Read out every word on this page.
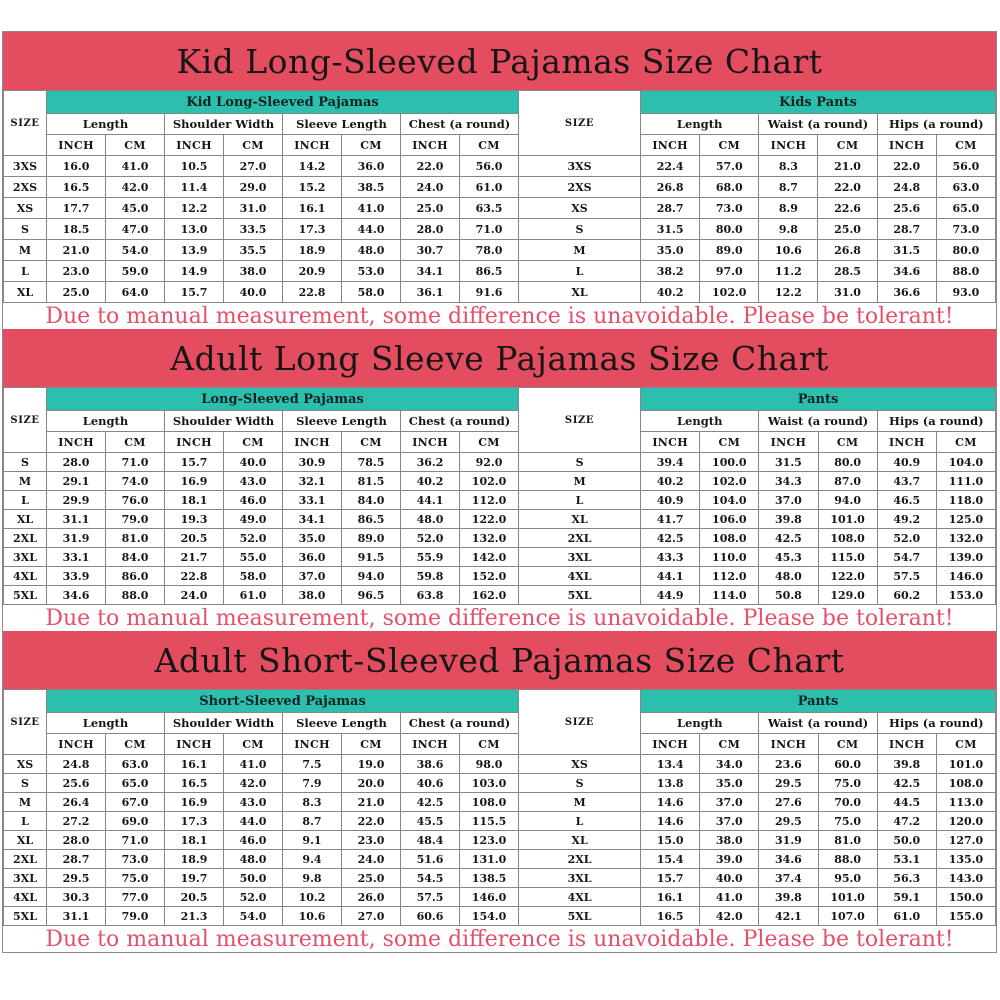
Kid Long-Sleeved Pajamas Size Chart
SIZE	Kid Long-Sleeved Pajamas								SIZE	Kids Pants					
	Length		Shoulder Width		Sleeve Length		Chest (a round)			Length		Waist (a round)		Hips (a round)	
	INCH	CM	INCH	CM	INCH	CM	INCH	CM		INCH	CM	INCH	CM	INCH	CM
3XS	16.0	41.0	10.5	27.0	14.2	36.0	22.0	56.0	3XS	22.4	57.0	8.3	21.0	22.0	56.0
2XS	16.5	42.0	11.4	29.0	15.2	38.5	24.0	61.0	2XS	26.8	68.0	8.7	22.0	24.8	63.0
XS	17.7	45.0	12.2	31.0	16.1	41.0	25.0	63.5	XS	28.7	73.0	8.9	22.6	25.6	65.0
S	18.5	47.0	13.0	33.5	17.3	44.0	28.0	71.0	S	31.5	80.0	9.8	25.0	28.7	73.0
M	21.0	54.0	13.9	35.5	18.9	48.0	30.7	78.0	M	35.0	89.0	10.6	26.8	31.5	80.0
L	23.0	59.0	14.9	38.0	20.9	53.0	34.1	86.5	L	38.2	97.0	11.2	28.5	34.6	88.0
XL	25.0	64.0	15.7	40.0	22.8	58.0	36.1	91.6	XL	40.2	102.0	12.2	31.0	36.6	93.0
Due to manual measurement, some difference is unavoidable. Please be tolerant!
Adult Long Sleeve Pajamas Size Chart
SIZE	Long-Sleeved Pajamas								SIZE	Pants					
	Length		Shoulder Width		Sleeve Length		Chest (a round)			Length		Waist (a round)		Hips (a round)	
	INCH	CM	INCH	CM	INCH	CM	INCH	CM		INCH	CM	INCH	CM	INCH	CM
S	28.0	71.0	15.7	40.0	30.9	78.5	36.2	92.0	S	39.4	100.0	31.5	80.0	40.9	104.0
M	29.1	74.0	16.9	43.0	32.1	81.5	40.2	102.0	M	40.2	102.0	34.3	87.0	43.7	111.0
L	29.9	76.0	18.1	46.0	33.1	84.0	44.1	112.0	L	40.9	104.0	37.0	94.0	46.5	118.0
XL	31.1	79.0	19.3	49.0	34.1	86.5	48.0	122.0	XL	41.7	106.0	39.8	101.0	49.2	125.0
2XL	31.9	81.0	20.5	52.0	35.0	89.0	52.0	132.0	2XL	42.5	108.0	42.5	108.0	52.0	132.0
3XL	33.1	84.0	21.7	55.0	36.0	91.5	55.9	142.0	3XL	43.3	110.0	45.3	115.0	54.7	139.0
4XL	33.9	86.0	22.8	58.0	37.0	94.0	59.8	152.0	4XL	44.1	112.0	48.0	122.0	57.5	146.0
5XL	34.6	88.0	24.0	61.0	38.0	96.5	63.8	162.0	5XL	44.9	114.0	50.8	129.0	60.2	153.0
Due to manual measurement, some difference is unavoidable. Please be tolerant!
Adult Short-Sleeved Pajamas Size Chart
SIZE	Short-Sleeved Pajamas								SIZE	Pants					
	Length		Shoulder Width		Sleeve Length		Chest (a round)			Length		Waist (a round)		Hips (a round)	
	INCH	CM	INCH	CM	INCH	CM	INCH	CM		INCH	CM	INCH	CM	INCH	CM
XS	24.8	63.0	16.1	41.0	7.5	19.0	38.6	98.0	XS	13.4	34.0	23.6	60.0	39.8	101.0
S	25.6	65.0	16.5	42.0	7.9	20.0	40.6	103.0	S	13.8	35.0	29.5	75.0	42.5	108.0
M	26.4	67.0	16.9	43.0	8.3	21.0	42.5	108.0	M	14.6	37.0	27.6	70.0	44.5	113.0
L	27.2	69.0	17.3	44.0	8.7	22.0	45.5	115.5	L	14.6	37.0	29.5	75.0	47.2	120.0
XL	28.0	71.0	18.1	46.0	9.1	23.0	48.4	123.0	XL	15.0	38.0	31.9	81.0	50.0	127.0
2XL	28.7	73.0	18.9	48.0	9.4	24.0	51.6	131.0	2XL	15.4	39.0	34.6	88.0	53.1	135.0
3XL	29.5	75.0	19.7	50.0	9.8	25.0	54.5	138.5	3XL	15.7	40.0	37.4	95.0	56.3	143.0
4XL	30.3	77.0	20.5	52.0	10.2	26.0	57.5	146.0	4XL	16.1	41.0	39.8	101.0	59.1	150.0
5XL	31.1	79.0	21.3	54.0	10.6	27.0	60.6	154.0	5XL	16.5	42.0	42.1	107.0	61.0	155.0
Due to manual measurement, some difference is unavoidable. Please be tolerant!
